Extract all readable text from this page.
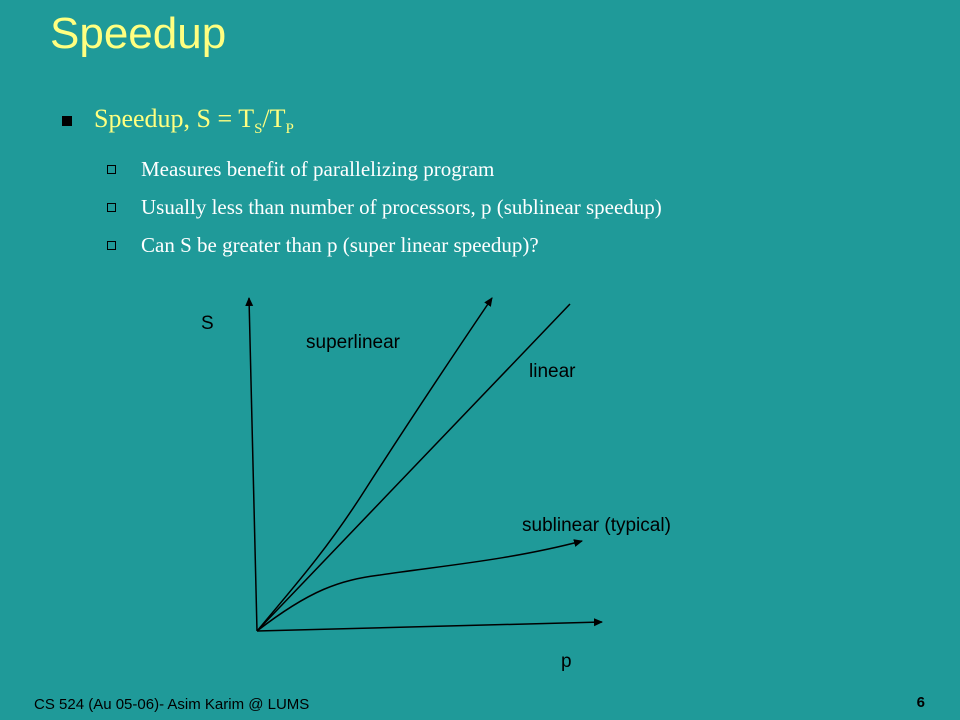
Speedup
Speedup, $S = T_S/T_P$
Measures benefit of parallelizing program
Usually less than number of processors, p (sublinear speedup)
Can S be greater than p (super linear speedup)?
S
p
superlinear
linear
sublinear (typical)
CS 524 (Au 05-06)- Asim Karim @ LUMS	6
